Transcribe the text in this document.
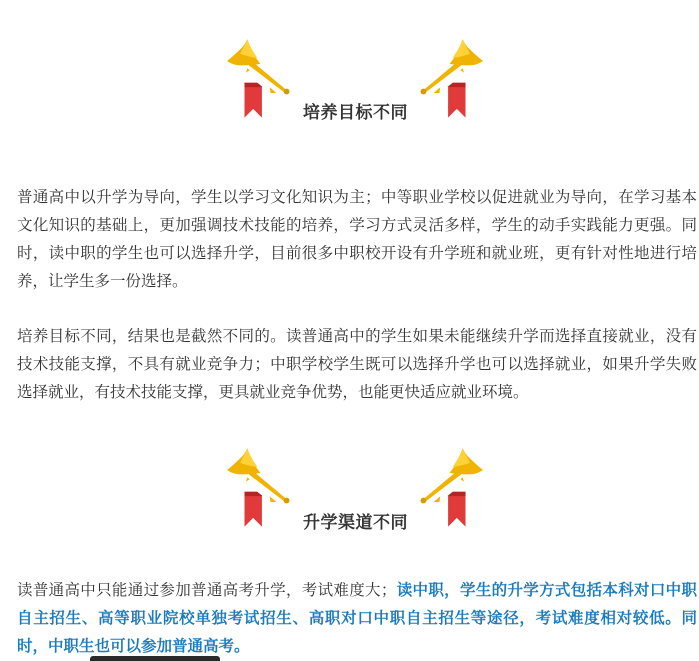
培养目标不同

普通高中以升学为导向，学生以学习文化知识为主；中等职业学校以促进就业为导向，在学习基本文化知识的基础上，更加强调技术技能的培养，学习方式灵活多样，学生的动手实践能力更强。同时，读中职的学生也可以选择升学，目前很多中职校开设有升学班和就业班，更有针对性地进行培养，让学生多一份选择。

培养目标不同，结果也是截然不同的。读普通高中的学生如果未能继续升学而选择直接就业，没有技术技能支撑，不具有就业竞争力；中职学校学生既可以选择升学也可以选择就业，如果升学失败选择就业，有技术技能支撑，更具就业竞争优势，也能更快适应就业环境。

升学渠道不同

读普通高中只能通过参加普通高考升学，考试难度大；读中职，学生的升学方式包括本科对口中职自主招生、高等职业院校单独考试招生、高职对口中职自主招生等途径，考试难度相对较低。同时，中职生也可以参加普通高考。
